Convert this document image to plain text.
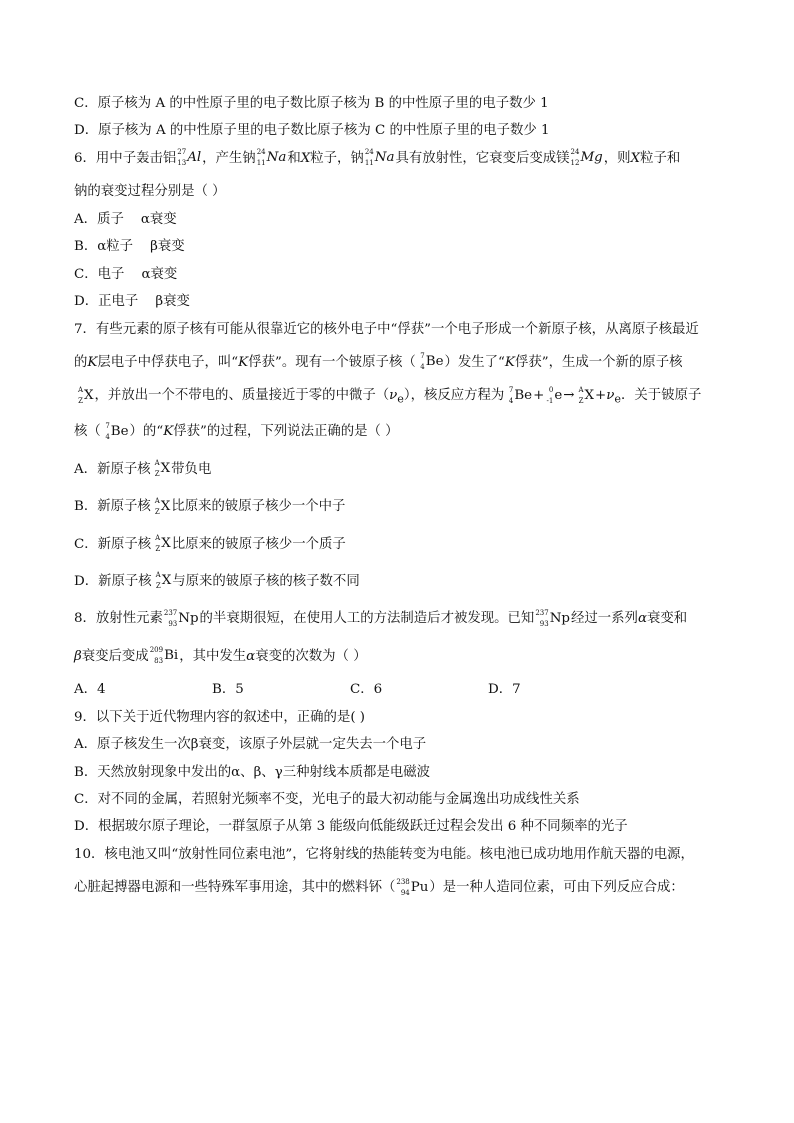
C．原子核为 A 的中性原子里的电子数比原子核为 B 的中性原子里的电子数少 1
D．原子核为 A 的中性原子里的电子数比原子核为 C 的中性原子里的电子数少 1
6．用中子轰击铝 27
13 Al ，产生钠 24
11 Na 和X粒子，钠 24
11 Na 具有放射性，它衰变后变成镁 24
12 Mg ，则X粒子和
钠的衰变过程分别是（ ）
A．质子 α衰变
B．α粒子 β衰变
C．电子 α衰变
D．正电子 β衰变
7．有些元素的原子核有可能从很靠近它的核外电子中“俘获”一个电子形成一个新原子核，从离原子核最近
的K层电子中俘获电子，叫“K俘获”。现有一个铍原子核（ 7
4 Be ）发生了“K俘获”，生成一个新的原子核
A
Z X ，并放出一个不带电的、质量接近于零的中微子$(\nu_e)$，核反应方程为 7
4 Be + 0
-1 e → A
Z $X +\nu_e$．关于铍原子
核（ 7
4 Be ）的“K俘获”的过程，下列说法正确的是（ ）
A．新原子核 A
Z X 带负电
B．新原子核 A
Z X 比原来的铍原子核少一个中子
C．新原子核 A
Z X 比原来的铍原子核少一个质子
D．新原子核 A
Z X 与原来的铍原子核的核子数不同
8．放射性元素 237
93 Np 的半衰期很短，在使用人工的方法制造后才被发现。已知 237
93 Np 经过一系列α衰变和
β衰变后变成 209
83 Bi ，其中发生α衰变的次数为（ ）
A．4	B．5	C．6	D．7
9．以下关于近代物理内容的叙述中，正确的是( )
A．原子核发生一次β衰变，该原子外层就一定失去一个电子
B．天然放射现象中发出的α、β、γ三种射线本质都是电磁波
C．对不同的金属，若照射光频率不变，光电子的最大初动能与金属逸出功成线性关系
D．根据玻尔原子理论，一群氢原子从第 3 能级向低能级跃迁过程会发出 6 种不同频率的光子
10．核电池又叫“放射性同位素电池”，它将射线的热能转变为电能。核电池已成功地用作航天器的电源，
心脏起搏器电源和一些特殊军事用途，其中的燃料钚（ 238
94 Pu ）是一种人造同位素，可由下列反应合成：
